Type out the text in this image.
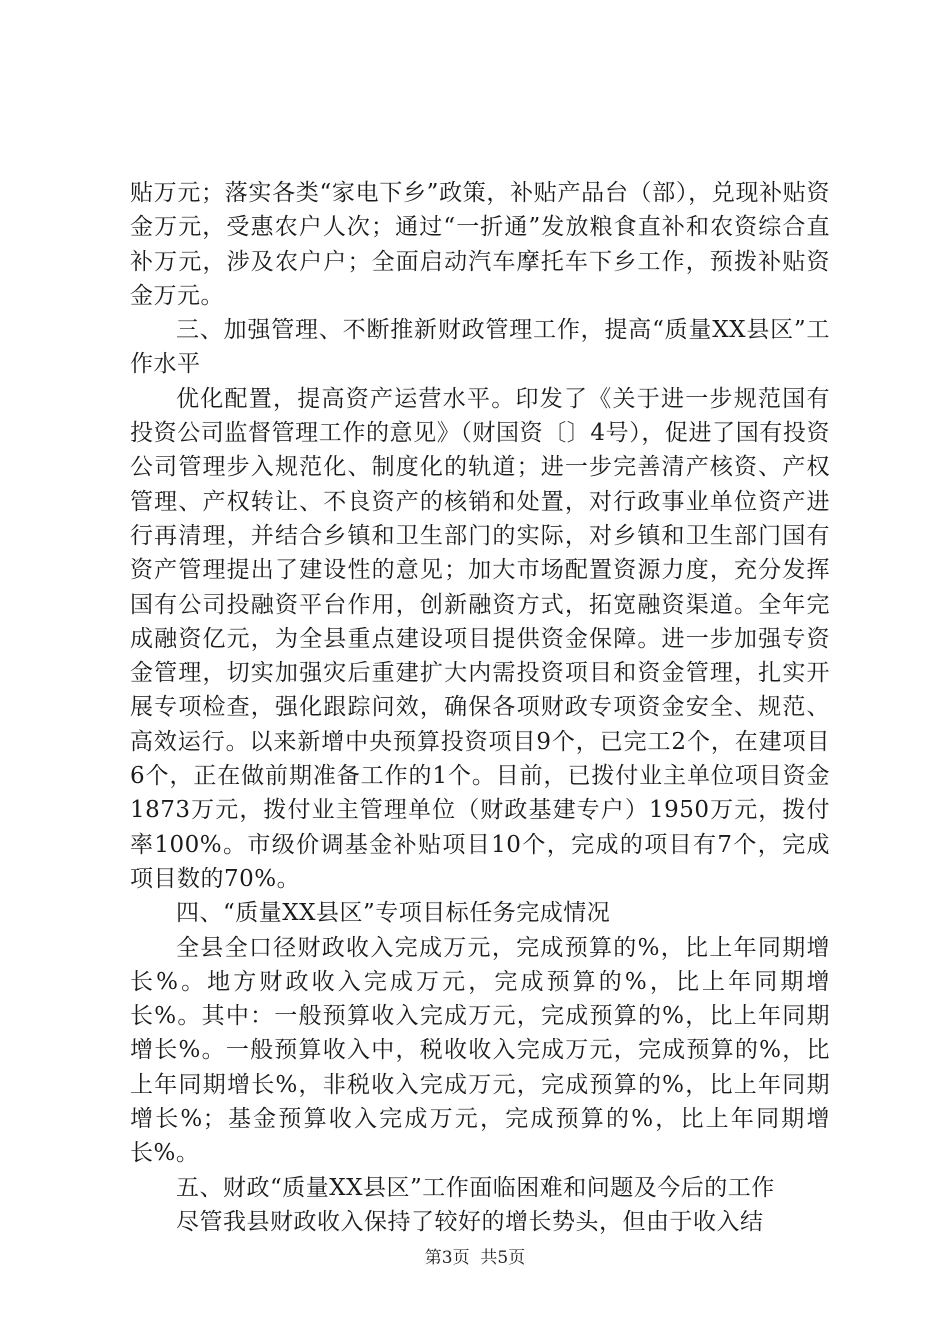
贴万元；落实各类“家电下乡”政策，补贴产品台（部），兑现补贴资金万元，受惠农户人次；通过“一折通”发放粮食直补和农资综合直补万元，涉及农户户；全面启动汽车摩托车下乡工作，预拨补贴资金万元。

三、加强管理、不断推新财政管理工作，提高“质量XX县区”工作水平

优化配置，提高资产运营水平。印发了《关于进一步规范国有投资公司监督管理工作的意见》（财国资〔〕4号），促进了国有投资公司管理步入规范化、制度化的轨道；进一步完善清产核资、产权管理、产权转让、不良资产的核销和处置，对行政事业单位资产进行再清理，并结合乡镇和卫生部门的实际，对乡镇和卫生部门国有资产管理提出了建设性的意见；加大市场配置资源力度，充分发挥国有公司投融资平台作用，创新融资方式，拓宽融资渠道。全年完成融资亿元，为全县重点建设项目提供资金保障。进一步加强专资金管理，切实加强灾后重建扩大内需投资项目和资金管理，扎实开展专项检查，强化跟踪问效，确保各项财政专项资金安全、规范、高效运行。以来新增中央预算投资项目9个，已完工2个，在建项目6个，正在做前期准备工作的1个。目前，已拨付业主单位项目资金1873万元，拨付业主管理单位（财政基建专户）1950万元，拨付率100%。市级价调基金补贴项目10个，完成的项目有7个，完成项目数的70%。

四、“质量XX县区”专项目标任务完成情况

全县全口径财政收入完成万元，完成预算的%，比上年同期增长%。地方财政收入完成万元，完成预算的%，比上年同期增长%。其中：一般预算收入完成万元，完成预算的%，比上年同期增长%。一般预算收入中，税收收入完成万元，完成预算的%，比上年同期增长%，非税收入完成万元，完成预算的%，比上年同期增长%；基金预算收入完成万元，完成预算的%，比上年同期增长%。

五、财政“质量XX县区”工作面临困难和问题及今后的工作

尽管我县财政收入保持了较好的增长势头，但由于收入结

第3页  共5页
